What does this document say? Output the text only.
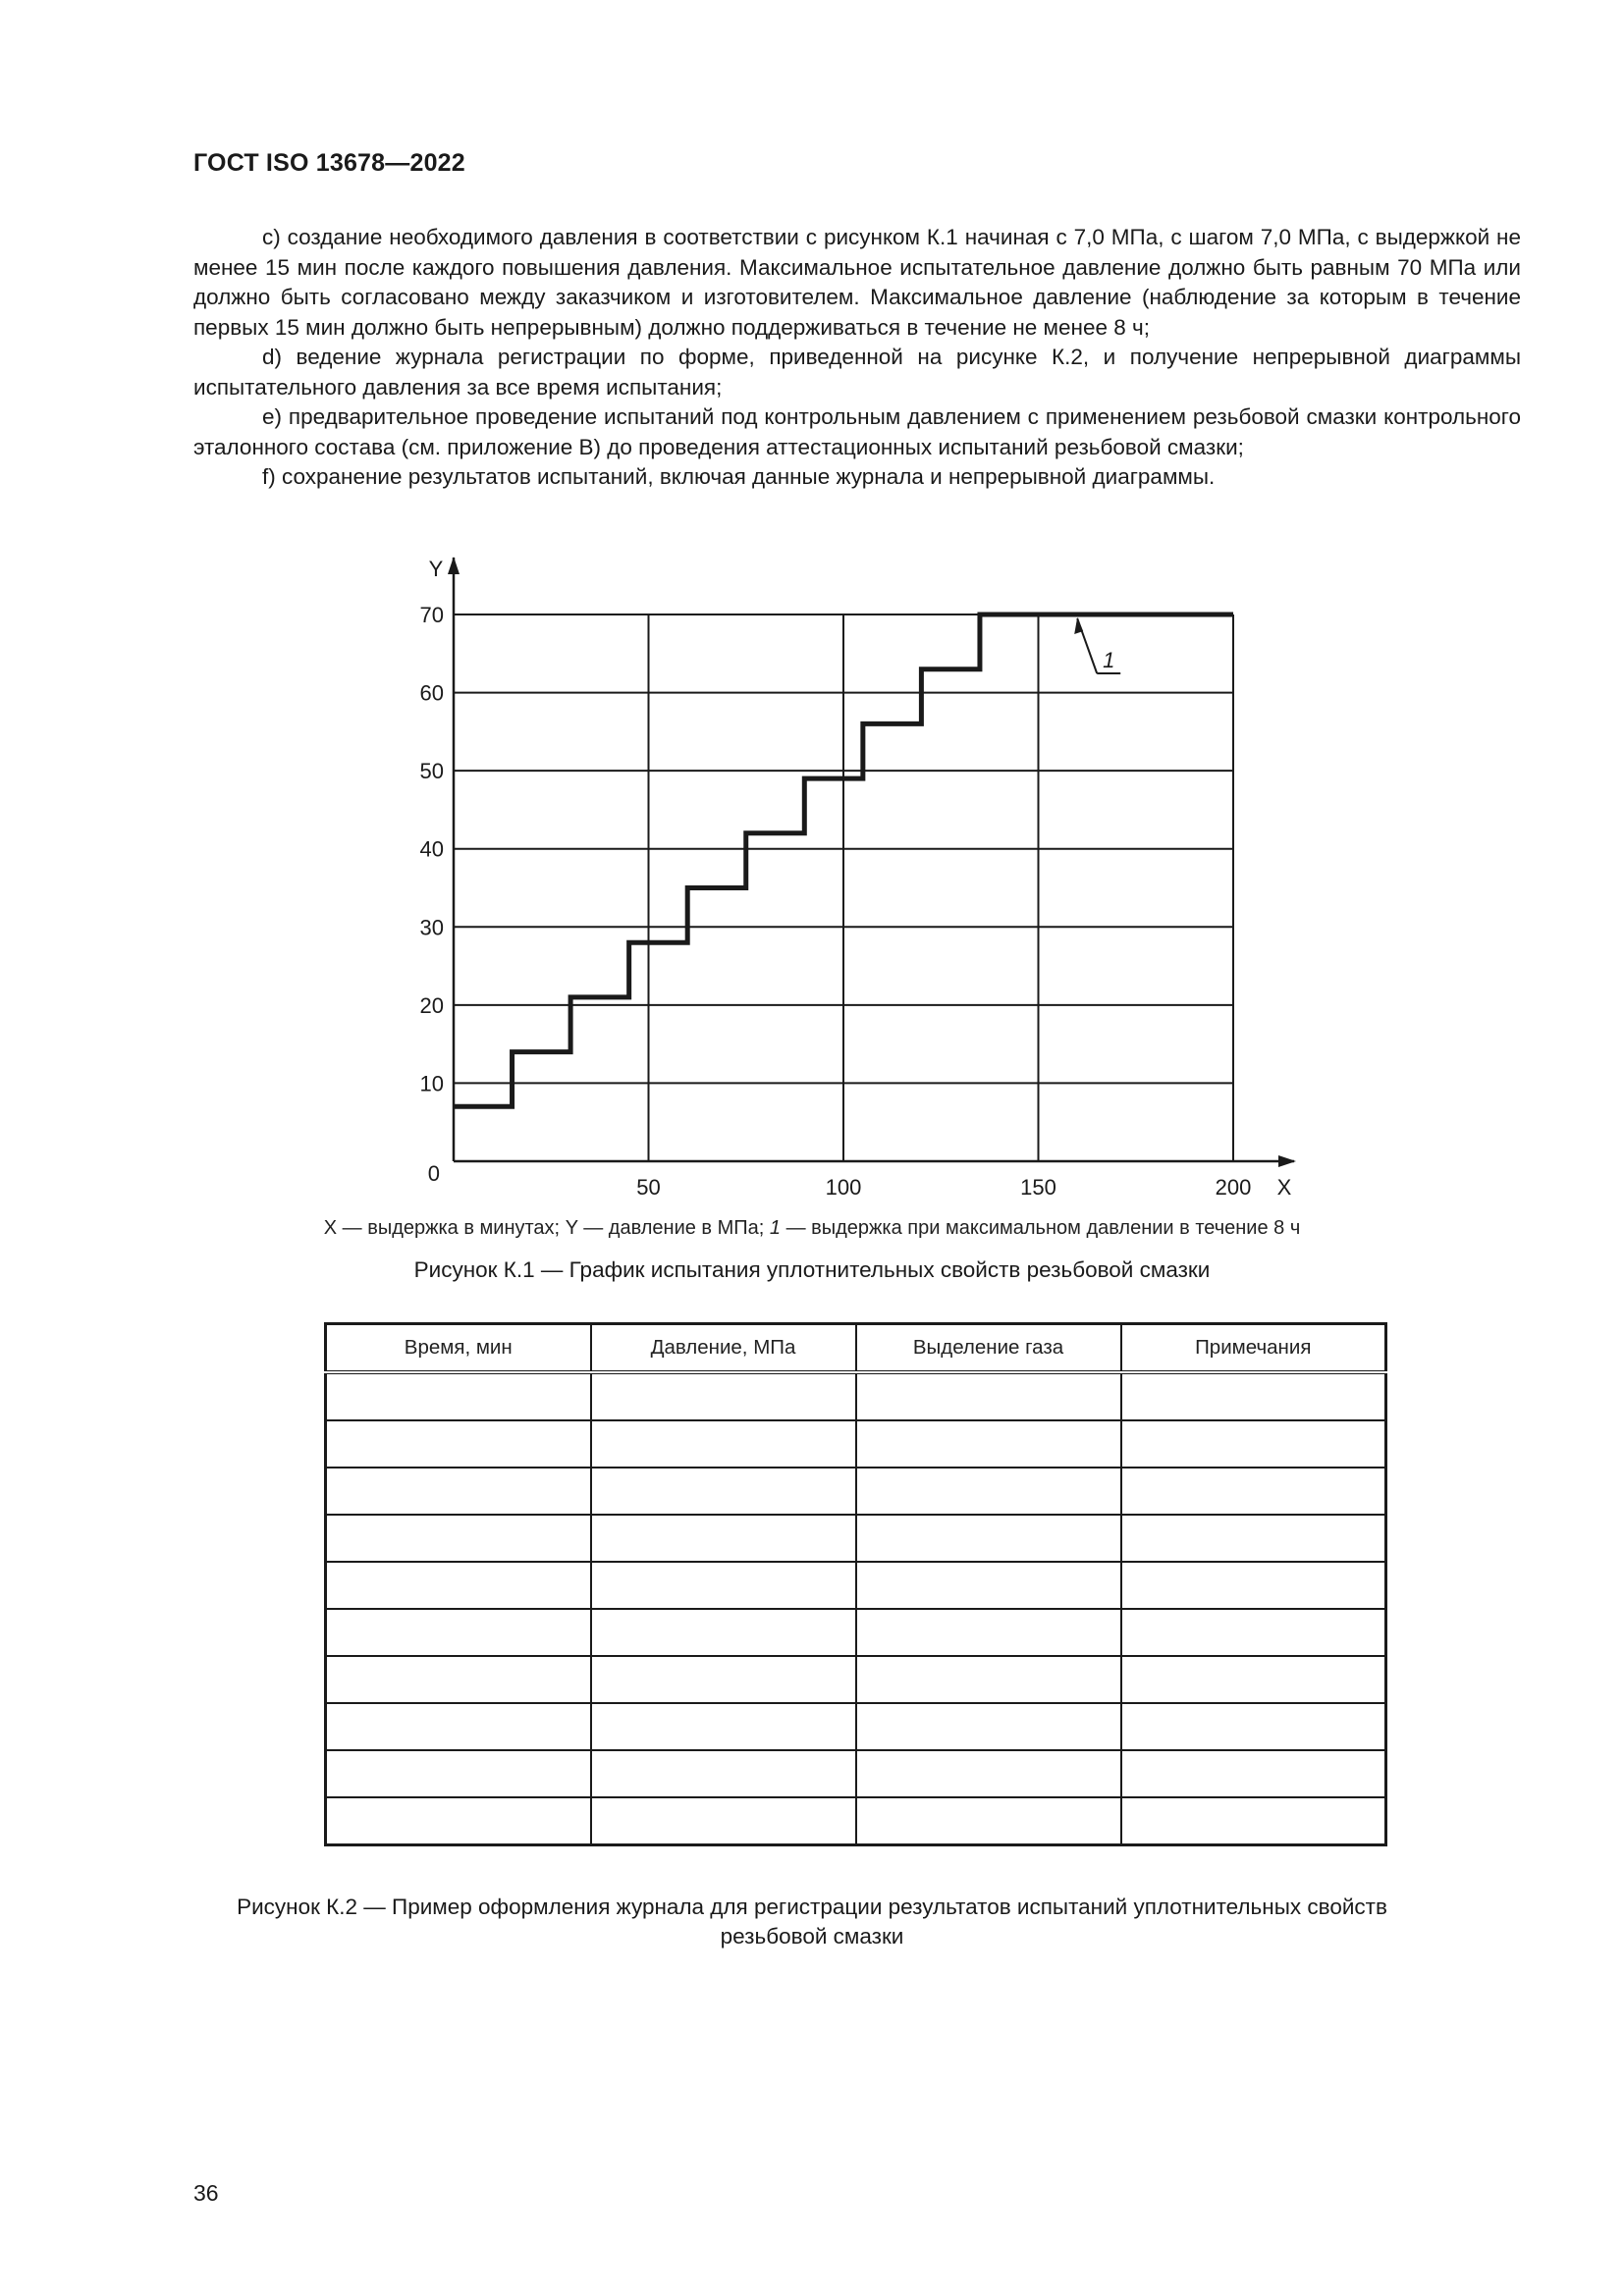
ГОСТ ISO 13678—2022

c) создание необходимого давления в соответствии с рисунком К.1 начиная с 7,0 МПа, с шагом 7,0 МПа, с выдержкой не менее 15 мин после каждого повышения давления. Максимальное испытательное давление должно быть равным 70 МПа или должно быть согласовано между заказчиком и изготовителем. Максимальное давление (наблюдение за которым в течение первых 15 мин должно быть непрерывным) должно поддерживаться в течение не менее 8 ч;

d) ведение журнала регистрации по форме, приведенной на рисунке К.2, и получение непрерывной диаграммы испытательного давления за все время испытания;

e) предварительное проведение испытаний под контрольным давлением с применением резьбовой смазки контрольного эталонного состава (см. приложение В) до проведения аттестационных испытаний резьбовой смазки;

f) сохранение результатов испытаний, включая данные журнала и непрерывной диаграммы.

10
20
30
40
50
60
70
50	100	150	200
0
X
Y
1
X — выдержка в минутах; Y — давление в МПа; 1 — выдержка при максимальном давлении в течение 8 ч
Рисунок К.1 — График испытания уплотнительных свойств резьбовой смазки
Время, мин	Давление, МПа	Выделение газа	Примечания

Рисунок К.2 — Пример оформления журнала для регистрации результатов испытаний уплотнительных свойств
резьбовой смазки
36
